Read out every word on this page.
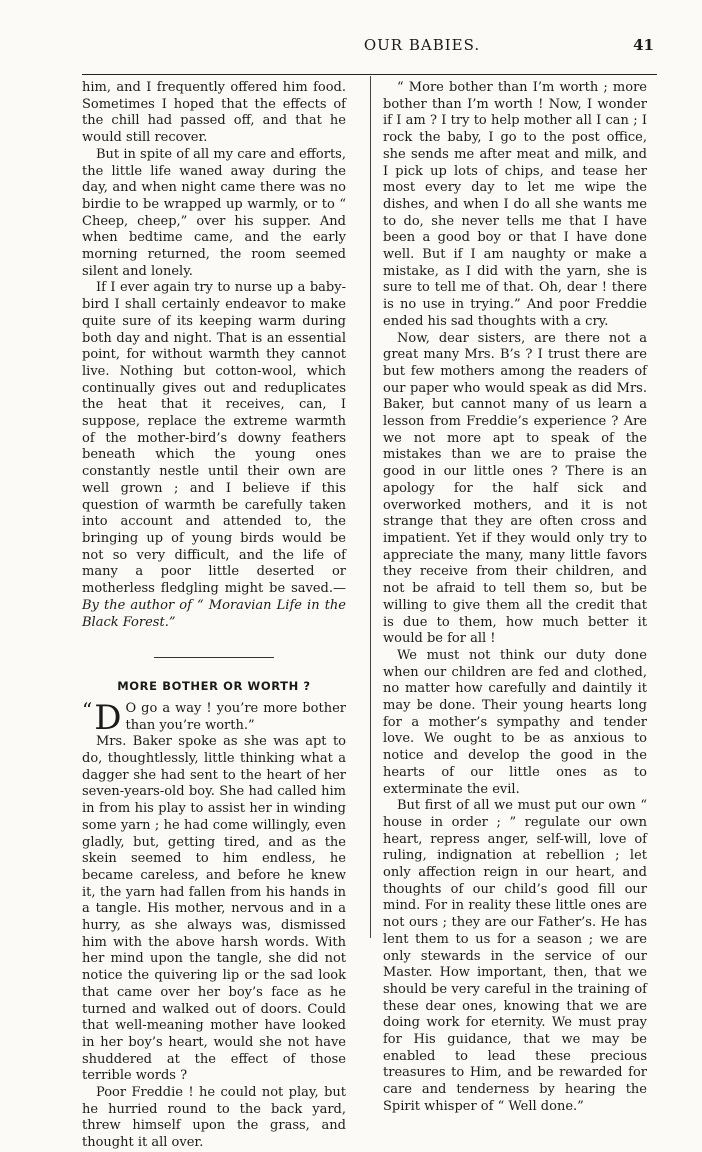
OUR BABIES.	41

him, and I frequently offered him food. Sometimes I hoped that the effects of the chill had passed off, and that he would still recover.

But in spite of all my care and efforts, the little life waned away during the day, and when night came there was no birdie to be wrapped up warmly, or to “ Cheep, cheep,” over his supper. And when bedtime came, and the early morning returned, the room seemed silent and lonely.

If I ever again try to nurse up a baby-bird I shall certainly endeavor to make quite sure of its keeping warm during both day and night. That is an essential point, for without warmth they cannot live. Nothing but cotton-wool, which continually gives out and reduplicates the heat that it receives, can, I suppose, replace the extreme warmth of the mother-bird’s downy feathers beneath which the young ones constantly nestle until their own are well grown ; and I believe if this question of warmth be carefully taken into account and attended to, the bringing up of young birds would be not so very difficult, and the life of many a poor little deserted or motherless fledgling might be saved.—By the author of “ Moravian Life in the Black Forest.”

MORE BOTHER OR WORTH ?

“ D O go a way ! you’re more bother than you’re worth.”

Mrs. Baker spoke as she was apt to do, thoughtlessly, little thinking what a dagger she had sent to the heart of her seven-years-old boy. She had called him in from his play to assist her in winding some yarn ; he had come willingly, even gladly, but, getting tired, and as the skein seemed to him endless, he became careless, and before he knew it, the yarn had fallen from his hands in a tangle. His mother, nervous and in a hurry, as she always was, dismissed him with the above harsh words. With her mind upon the tangle, she did not notice the quivering lip or the sad look that came over her boy’s face as he turned and walked out of doors. Could that well-meaning mother have looked in her boy’s heart, would she not have shuddered at the effect of those terrible words ?

Poor Freddie ! he could not play, but he hurried round to the back yard, threw himself upon the grass, and thought it all over.

“ More bother than I’m worth ; more bother than I’m worth ! Now, I wonder if I am ? I try to help mother all I can ; I rock the baby, I go to the post office, she sends me after meat and milk, and I pick up lots of chips, and tease her most every day to let me wipe the dishes, and when I do all she wants me to do, she never tells me that I have been a good boy or that I have done well. But if I am naughty or make a mistake, as I did with the yarn, she is sure to tell me of that. Oh, dear ! there is no use in trying.” And poor Freddie ended his sad thoughts with a cry.

Now, dear sisters, are there not a great many Mrs. B’s ? I trust there are but few mothers among the readers of our paper who would speak as did Mrs. Baker, but cannot many of us learn a lesson from Freddie’s experience ? Are we not more apt to speak of the mistakes than we are to praise the good in our little ones ? There is an apology for the half sick and overworked mothers, and it is not strange that they are often cross and impatient. Yet if they would only try to appreciate the many, many little favors they receive from their children, and not be afraid to tell them so, but be willing to give them all the credit that is due to them, how much better it would be for all !

We must not think our duty done when our children are fed and clothed, no matter how carefully and daintily it may be done. Their young hearts long for a mother’s sympathy and tender love. We ought to be as anxious to notice and develop the good in the hearts of our little ones as to exterminate the evil.

But first of all we must put our own “ house in order ; ” regulate our own heart, repress anger, self-will, love of ruling, indignation at rebellion ; let only affection reign in our heart, and thoughts of our child’s good fill our mind. For in reality these little ones are not ours ; they are our Father’s. He has lent them to us for a season ; we are only stewards in the service of our Master. How important, then, that we should be very careful in the training of these dear ones, knowing that we are doing work for eternity. We must pray for His guidance, that we may be enabled to lead these precious treasures to Him, and be rewarded for care and tenderness by hearing the Spirit whisper of “ Well done.”
